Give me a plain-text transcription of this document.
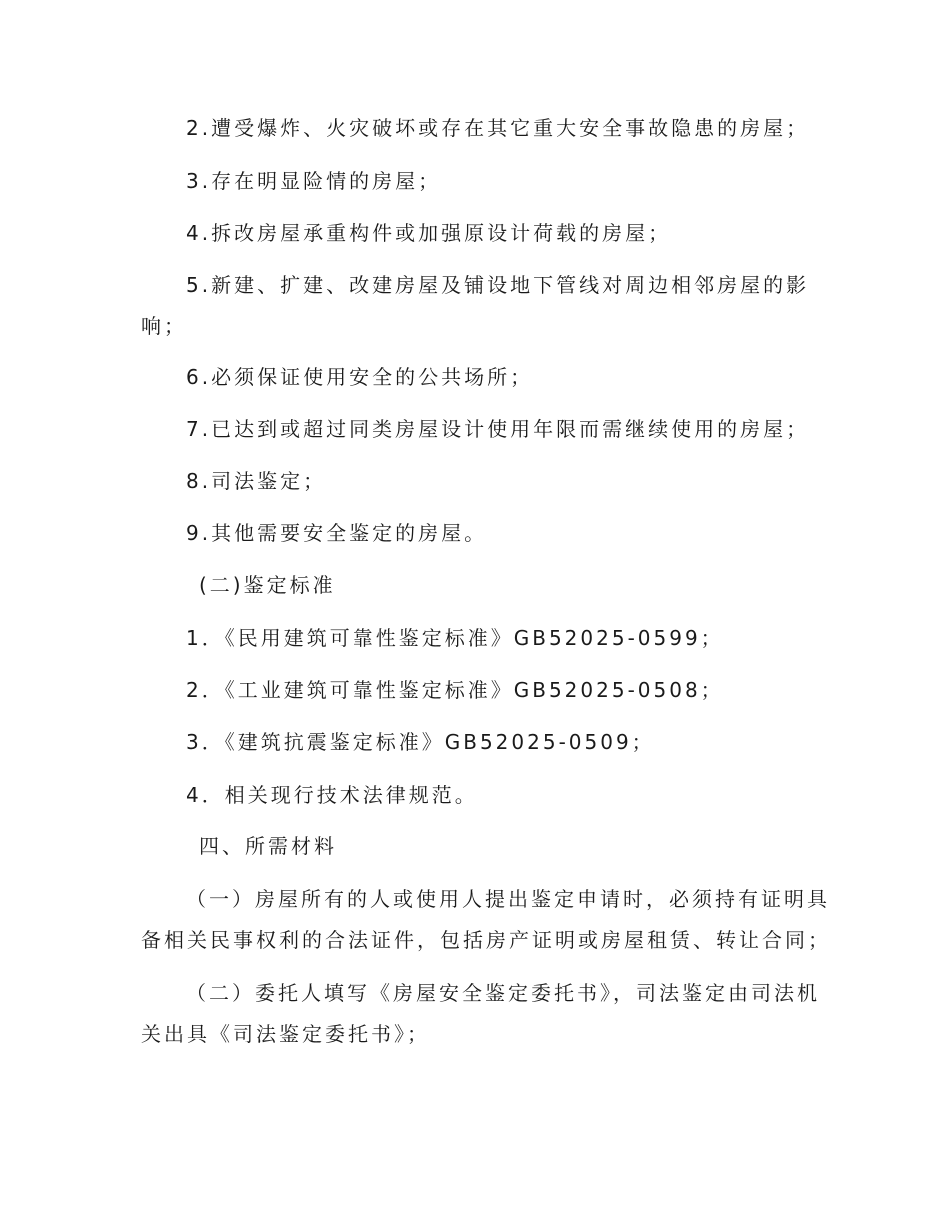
2.遭受爆炸、火灾破坏或存在其它重大安全事故隐患的房屋；
3.存在明显险情的房屋；
4.拆改房屋承重构件或加强原设计荷载的房屋；
5.新建、扩建、改建房屋及铺设地下管线对周边相邻房屋的影
响；
6.必须保证使用安全的公共场所；
7.已达到或超过同类房屋设计使用年限而需继续使用的房屋；
8.司法鉴定；
9.其他需要安全鉴定的房屋。
(二)鉴定标准
1．《民用建筑可靠性鉴定标准》GB52025-0599；
2．《工业建筑可靠性鉴定标准》GB52025-0508；
3．《建筑抗震鉴定标准》GB52025-0509；
4．相关现行技术法律规范。
四、所需材料
（一）房屋所有的人或使用人提出鉴定申请时，必须持有证明具
备相关民事权利的合法证件，包括房产证明或房屋租赁、转让合同；
（二）委托人填写《房屋安全鉴定委托书》，司法鉴定由司法机
关出具《司法鉴定委托书》；
